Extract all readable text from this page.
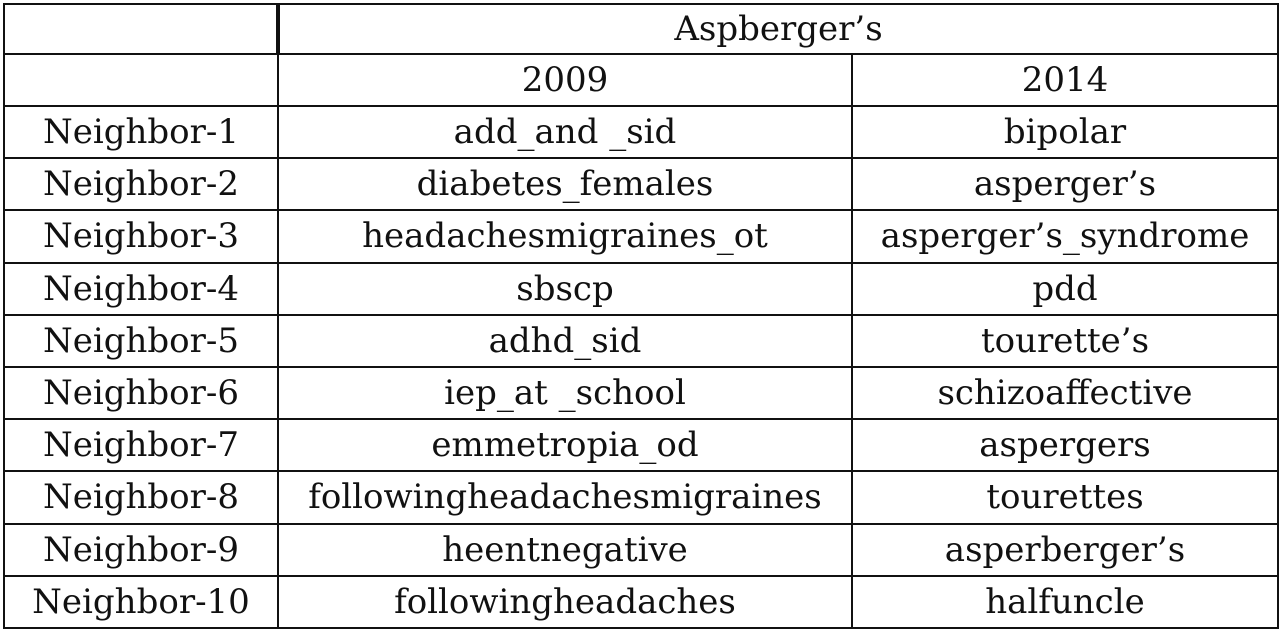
	Aspberger’s	
	2009	2014
Neighbor-1	add_and _sid	bipolar
Neighbor-2	diabetes_females	asperger’s
Neighbor-3	headachesmigraines_ot	asperger’s_syndrome
Neighbor-4	sbscp	pdd
Neighbor-5	adhd_sid	tourette’s
Neighbor-6	iep_at _school	schizoaffective
Neighbor-7	emmetropia_od	aspergers
Neighbor-8	followingheadachesmigraines	tourettes
Neighbor-9	heentnegative	asperberger’s
Neighbor-10	followingheadaches	halfuncle
